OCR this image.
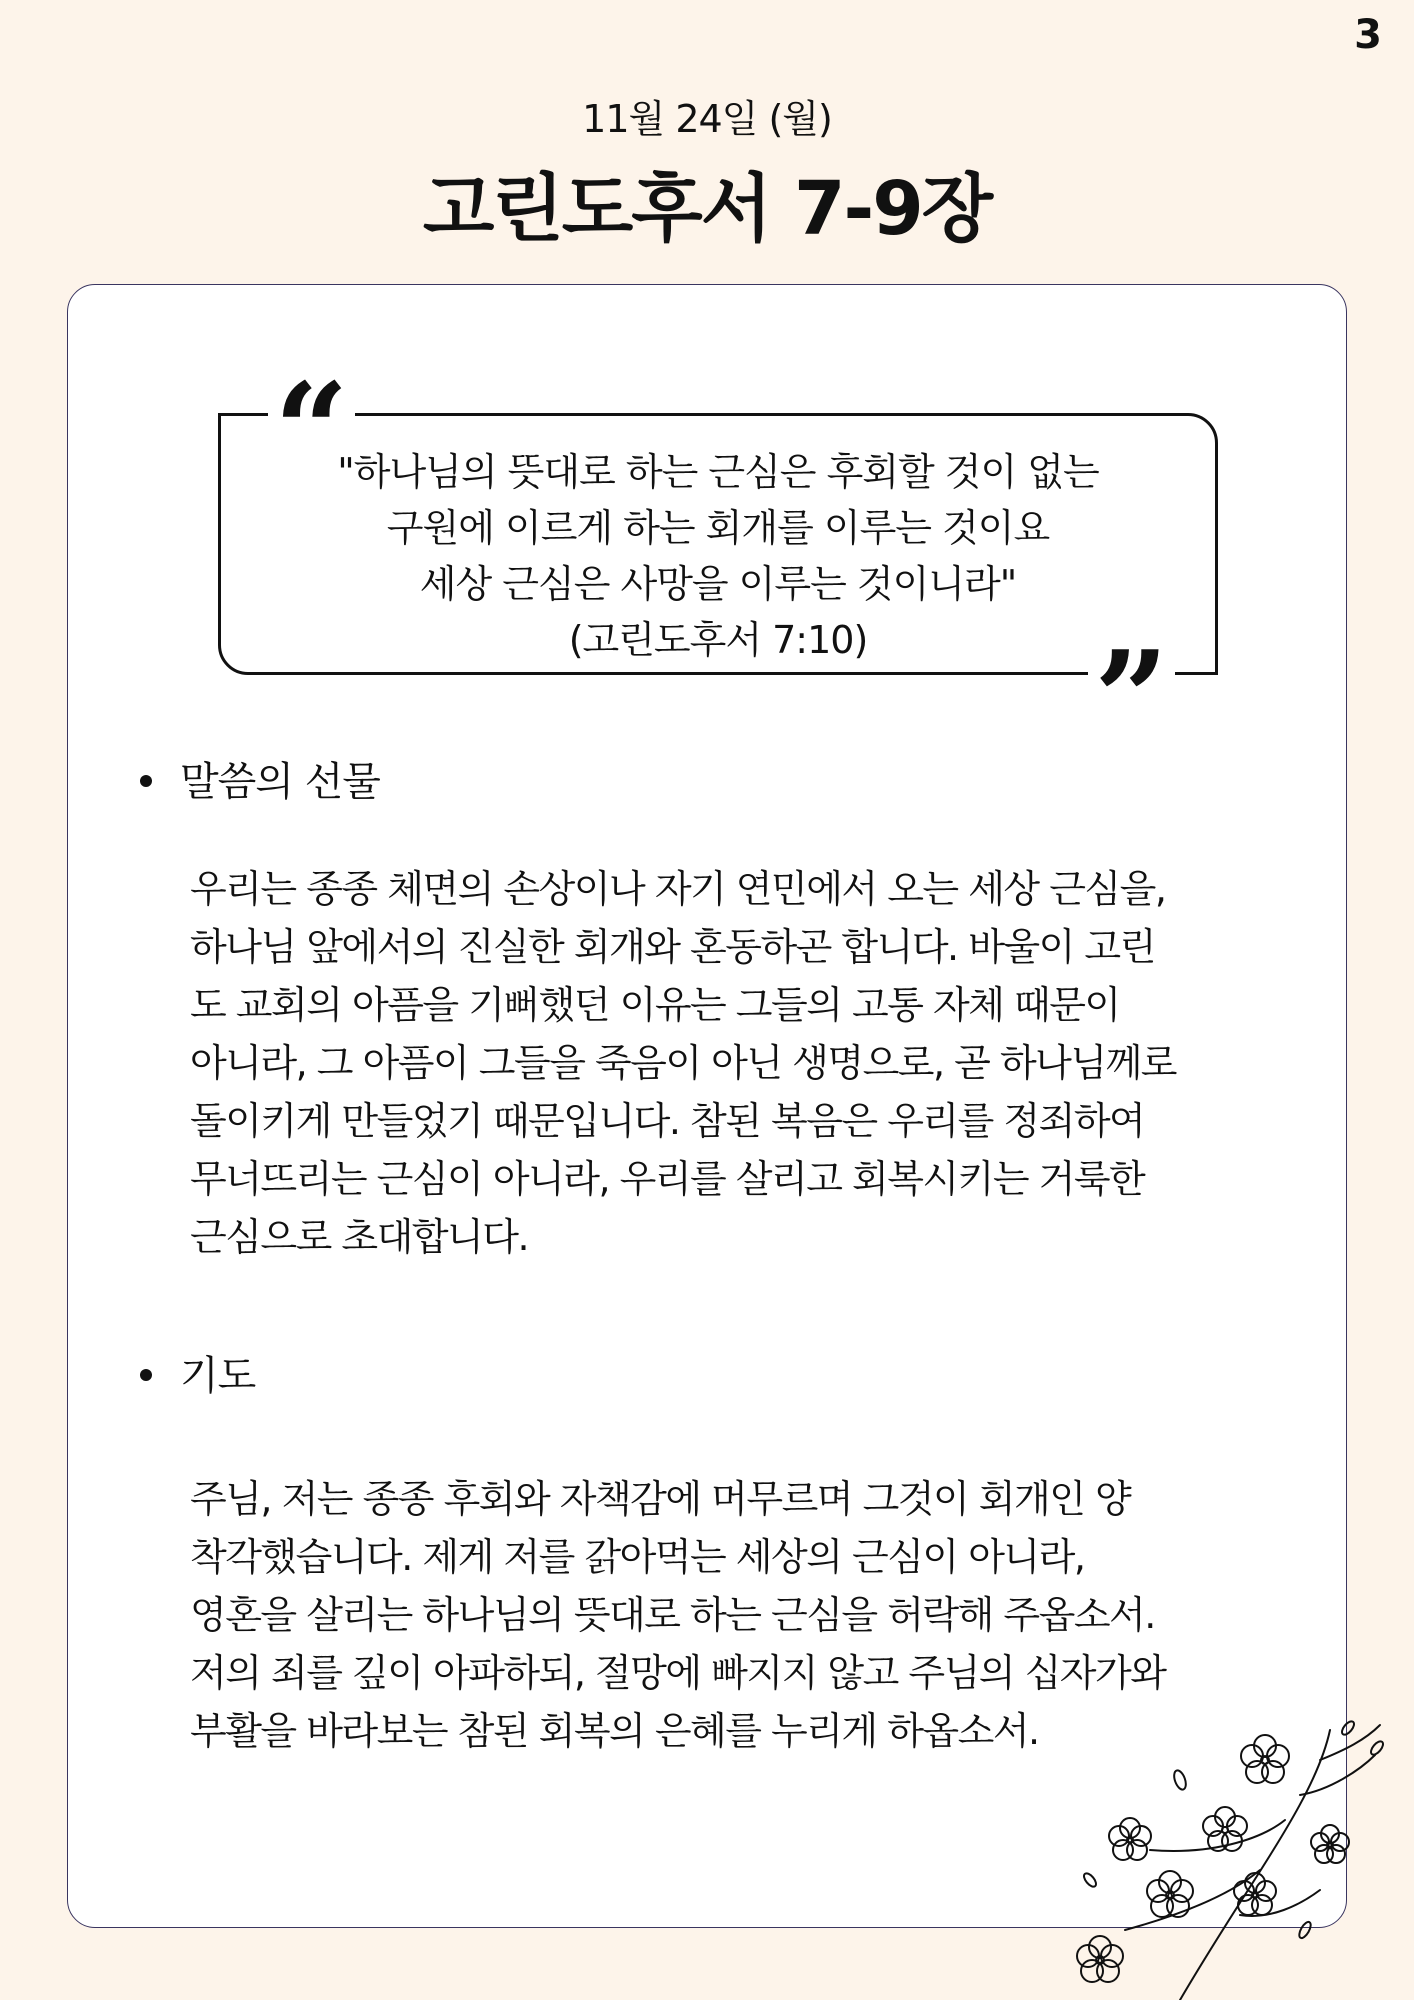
3
11월 24일 (월)
고린도후서 7-9장
“
”
"하나님의 뜻대로 하는 근심은 후회할 것이 없는
구원에 이르게 하는 회개를 이루는 것이요
세상 근심은 사망을 이루는 것이니라"
(고린도후서 7:10)
말씀의 선물
우리는 종종 체면의 손상이나 자기 연민에서 오는 세상 근심을,
하나님 앞에서의 진실한 회개와 혼동하곤 합니다. 바울이 고린
도 교회의 아픔을 기뻐했던 이유는 그들의 고통 자체 때문이
아니라, 그 아픔이 그들을 죽음이 아닌 생명으로, 곧 하나님께로
돌이키게 만들었기 때문입니다. 참된 복음은 우리를 정죄하여
무너뜨리는 근심이 아니라, 우리를 살리고 회복시키는 거룩한
근심으로 초대합니다.
기도
주님, 저는 종종 후회와 자책감에 머무르며 그것이 회개인 양
착각했습니다. 제게 저를 갉아먹는 세상의 근심이 아니라,
영혼을 살리는 하나님의 뜻대로 하는 근심을 허락해 주옵소서.
저의 죄를 깊이 아파하되, 절망에 빠지지 않고 주님의 십자가와
부활을 바라보는 참된 회복의 은혜를 누리게 하옵소서.
